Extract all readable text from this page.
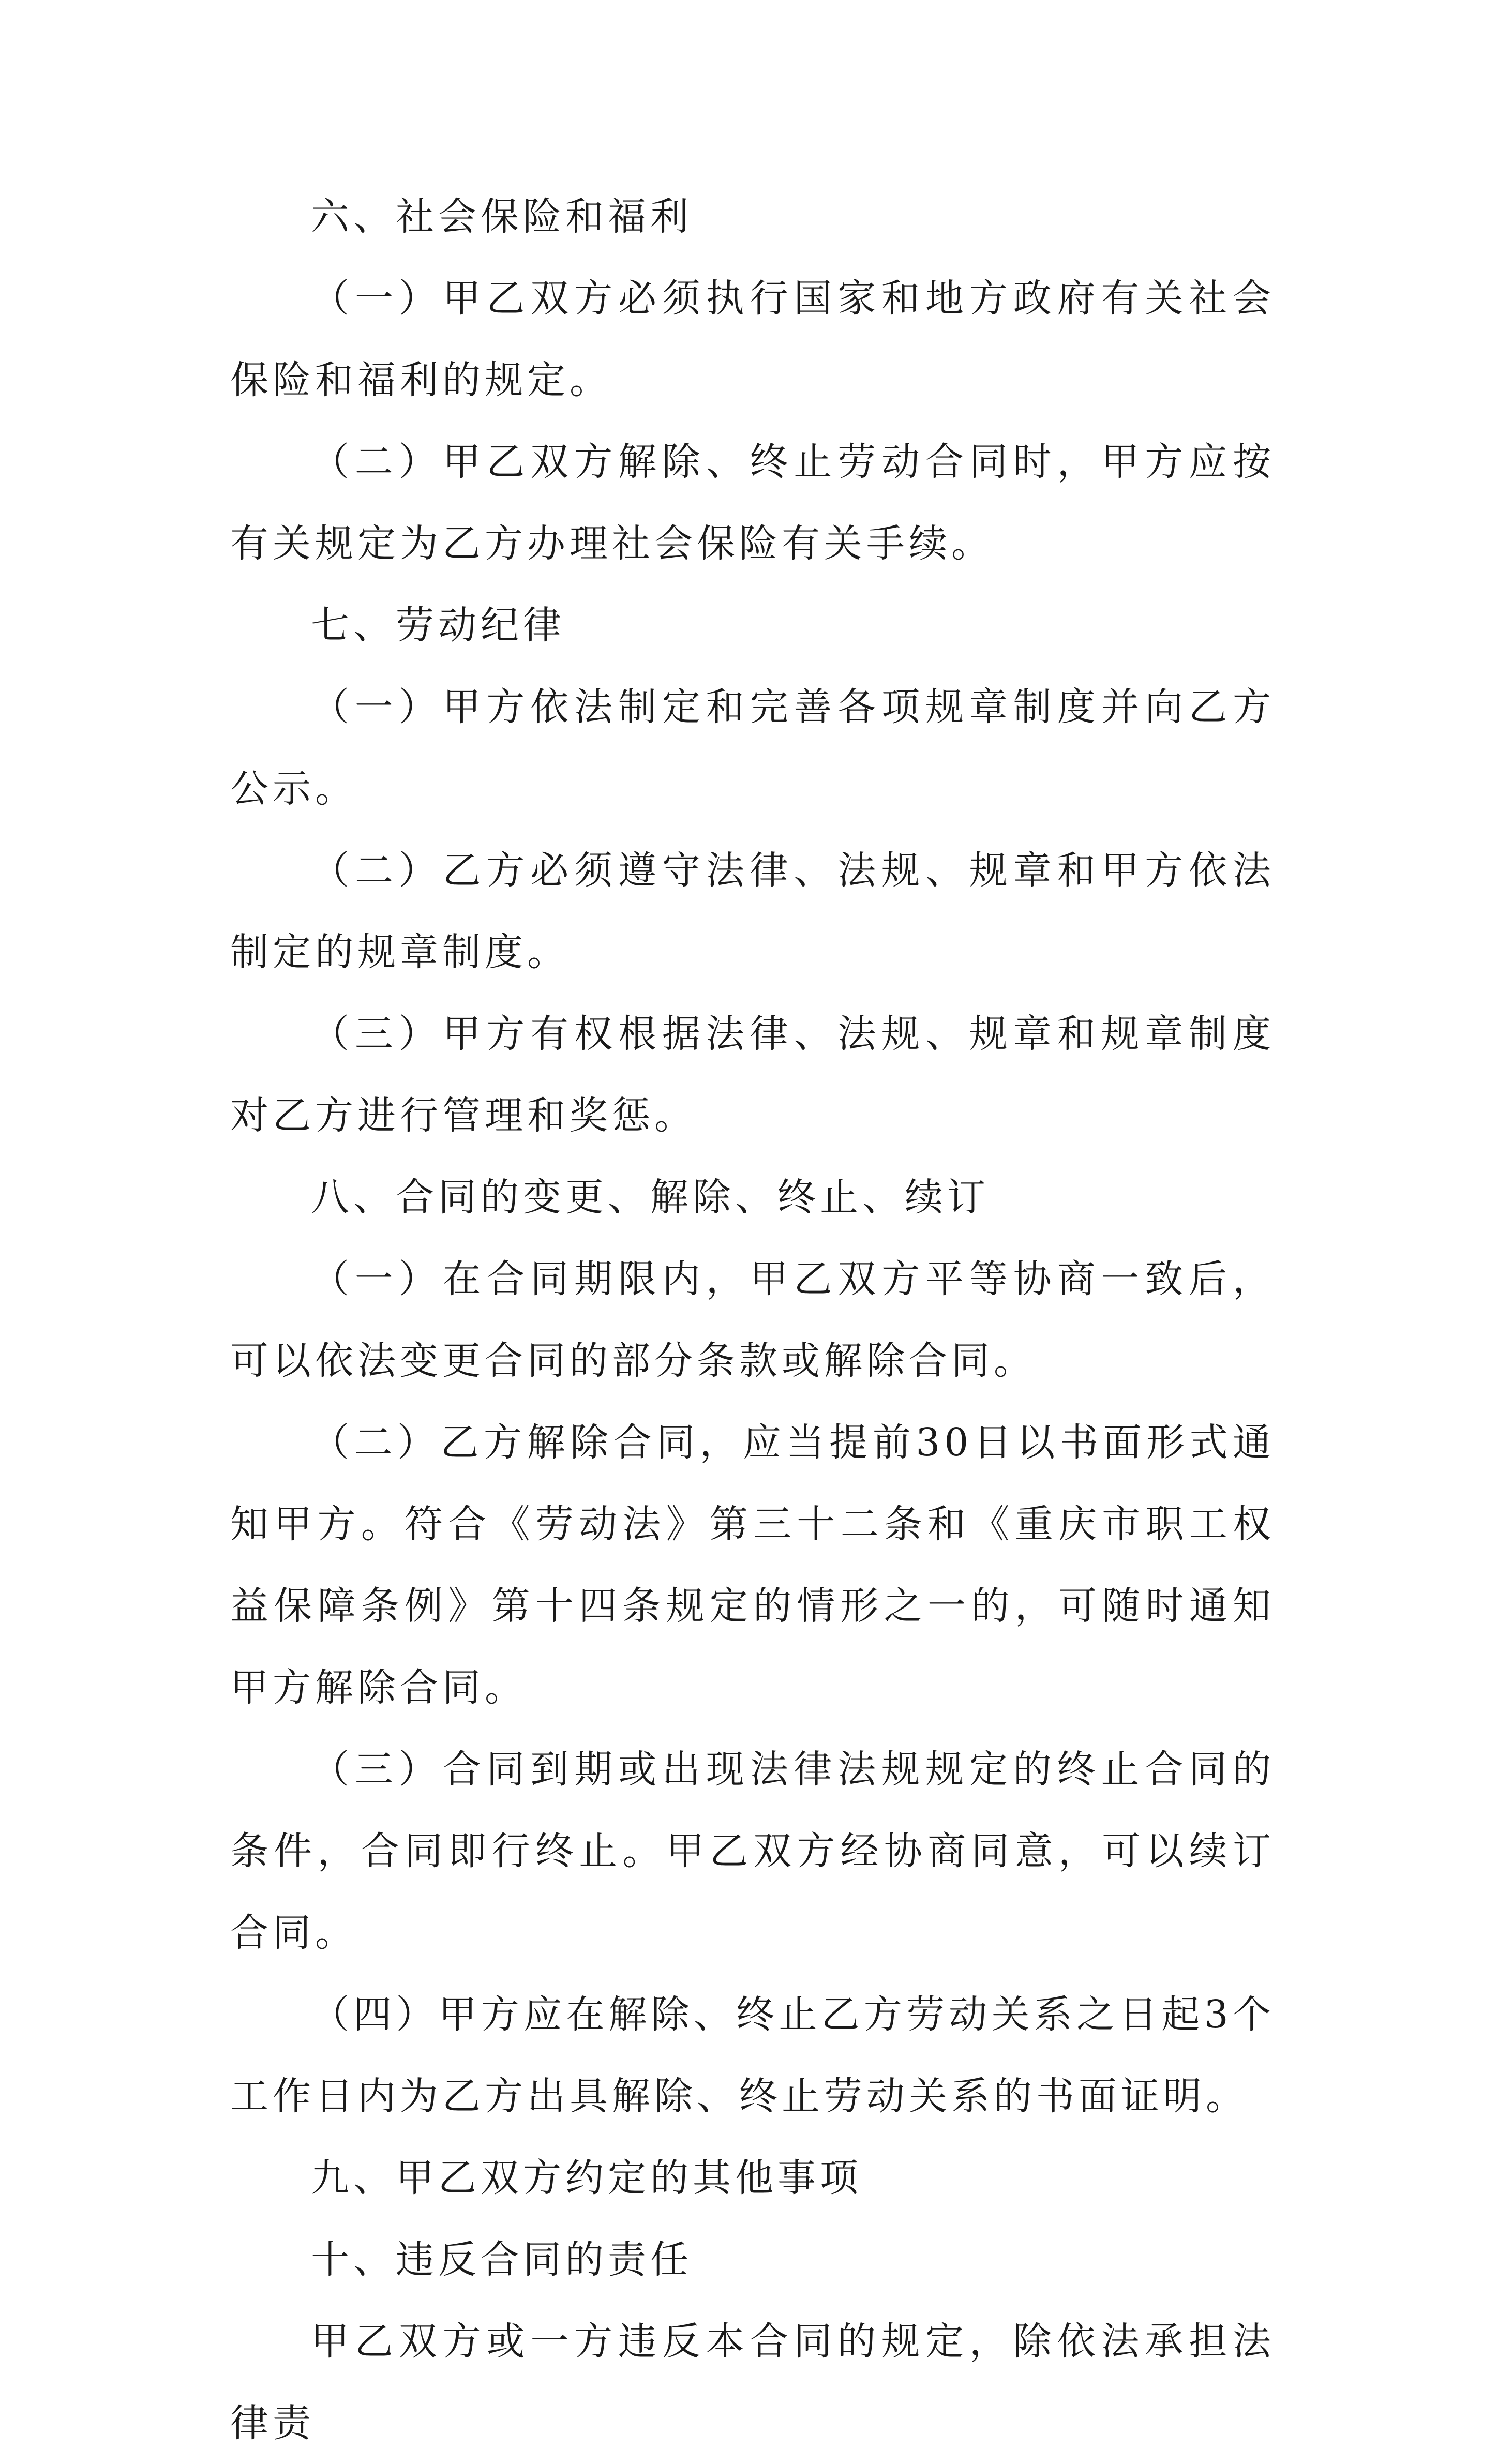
六、社会保险和福利

（一）甲乙双方必须执行国家和地方政府有关社会保险和福利的规定。

（二）甲乙双方解除、终止劳动合同时，甲方应按有关规定为乙方办理社会保险有关手续。

七、劳动纪律

（一）甲方依法制定和完善各项规章制度并向乙方公示。

（二）乙方必须遵守法律、法规、规章和甲方依法制定的规章制度。

（三）甲方有权根据法律、法规、规章和规章制度对乙方进行管理和奖惩。

八、合同的变更、解除、终止、续订

（一）在合同期限内，甲乙双方平等协商一致后，可以依法变更合同的部分条款或解除合同。

（二）乙方解除合同，应当提前30日以书面形式通知甲方。符合《劳动法》第三十二条和《重庆市职工权益保障条例》第十四条规定的情形之一的，可随时通知甲方解除合同。

（三）合同到期或出现法律法规规定的终止合同的条件，合同即行终止。甲乙双方经协商同意，可以续订合同。

（四）甲方应在解除、终止乙方劳动关系之日起3个工作日内为乙方出具解除、终止劳动关系的书面证明。

九、甲乙双方约定的其他事项

十、违反合同的责任

甲乙双方或一方违反本合同的规定，除依法承担法律责
